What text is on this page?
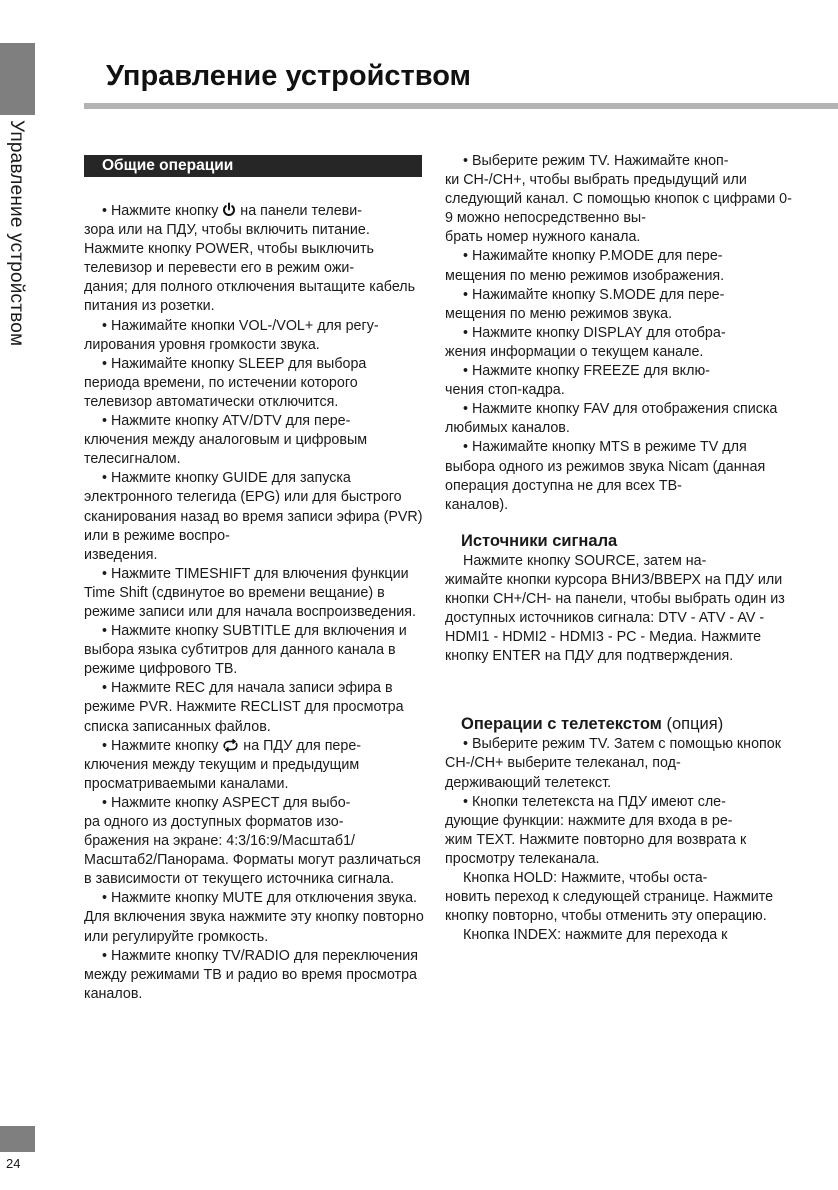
Управление устройством
Управление устройством
Общие операции

• Нажмите кнопку  на панели телеви-
зора или на ПДУ, чтобы включить питание. Нажмите кнопку POWER, чтобы выключить телевизор и перевести его в режим ожи-
дания; для полного отключения вытащите кабель питания из розетки.

• Нажимайте кнопки VOL-/VOL+ для регу-
лирования уровня громкости звука.

• Нажимайте кнопку SLEEP для выбора периода времени, по истечении которого телевизор автоматически отключится.

• Нажмите кнопку ATV/DTV для пере-
ключения между аналоговым и цифровым телесигналом.

• Нажмите кнопку GUIDE для запуска электронного телегида (EPG) или для быстрого сканирования назад во время записи эфира (PVR) или в режиме воспро-
изведения.

• Нажмите TIMESHIFT для влючения функции Time Shift (сдвинутое во времени вещание) в режиме записи или для начала воспроизведения.

• Нажмите кнопку SUBTITLE для включения и выбора языка субтитров для данного канала в режиме цифрового ТВ.

• Нажмите REC для начала записи эфира в режиме PVR. Нажмите RECLIST для просмотра списка записанных файлов.

• Нажмите кнопку  на ПДУ для пере-
ключения между текущим и предыдущим просматриваемыми каналами.

• Нажмите кнопку ASPECT для выбо-
ра одного из доступных форматов изо-
бражения на экране: 4:3/16:9/Масштаб1/
Масштаб2/Панорама. Форматы могут различаться в зависимости от текущего источника сигнала.

• Нажмите кнопку MUTE для отключения звука. Для включения звука нажмите эту кнопку повторно или регулируйте громкость.

• Нажмите кнопку TV/RADIO для переключения между режимами ТВ и радио во время просмотра каналов.

• Выберите режим TV. Нажимайте кноп-
ки CH-/CH+, чтобы выбрать предыдущий или следующий канал. С помощью кнопок с цифрами 0-9 можно непосредственно вы-
брать номер нужного канала.

• Нажимайте кнопку P.MODE для пере-
мещения по меню режимов изображения.

• Нажимайте кнопку S.MODE для пере-
мещения по меню режимов звука.

• Нажмите кнопку DISPLAY для отобра-
жения информации о текущем канале.

• Нажмите кнопку FREEZE для вклю-
чения стоп-кадра.

• Нажмите кнопку FAV для отображения списка любимых каналов.

• Нажимайте кнопку MTS в режиме TV для выбора одного из режимов звука Nicam (данная операция доступна не для всех ТВ-
каналов).

Источники сигнала

Нажмите кнопку SOURCE, затем на-
жимайте кнопки курсора ВНИЗ/ВВЕРХ на ПДУ или кнопки CH+/CH- на панели, чтобы выбрать один из доступных источников сигнала: DTV - ATV - AV - HDMI1 - HDMI2 - HDMI3 - PC - Медиа. Нажмите кнопку ENTER на ПДУ для подтверждения.

Операции с телетекстом (опция)

• Выберите режим TV. Затем с помощью кнопок CH-/CH+ выберите телеканал, под-
держивающий телетекст.

• Кнопки телетекста на ПДУ имеют сле-
дующие функции: нажмите для входа в ре-
жим TEXT. Нажмите повторно для возврата к просмотру телеканала.

Кнопка HOLD: Нажмите, чтобы оста-
новить переход к следующей странице. Нажмите кнопку повторно, чтобы отменить эту операцию.

Кнопка INDEX: нажмите для перехода к

24
